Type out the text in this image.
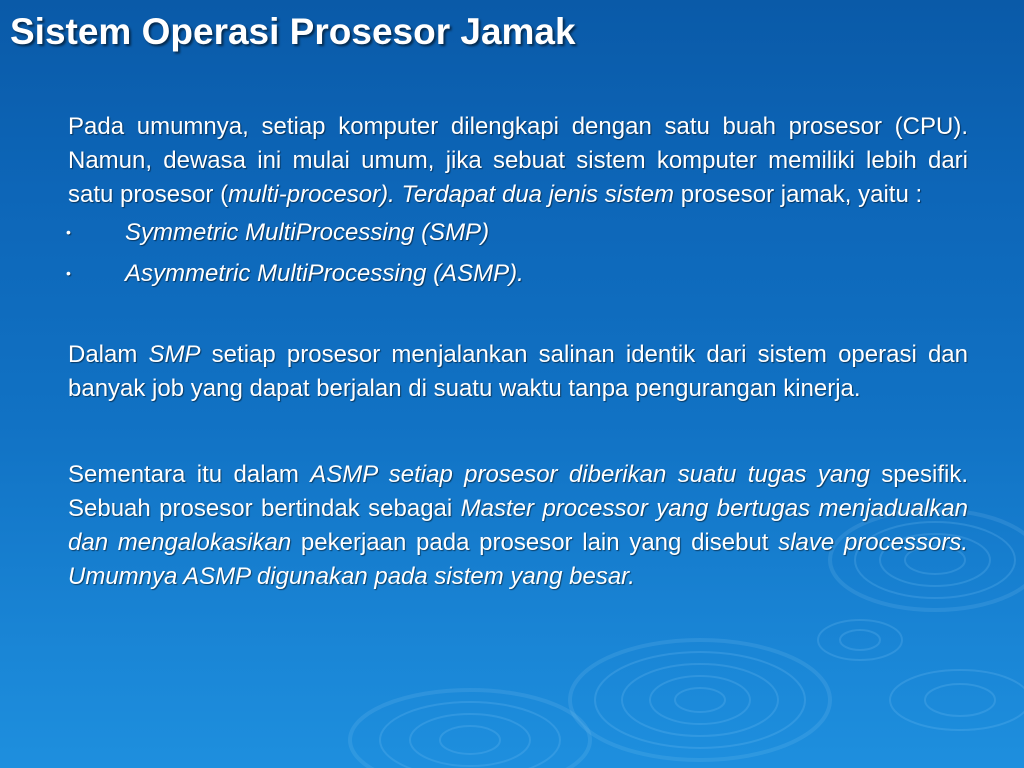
Sistem Operasi Prosesor Jamak

Pada umumnya, setiap komputer dilengkapi dengan satu buah prosesor (CPU). Namun, dewasa ini mulai umum, jika sebuat sistem komputer memiliki lebih dari satu prosesor (multi-procesor). Terdapat dua jenis sistem prosesor jamak, yaitu :

• Symmetric MultiProcessing (SMP)
• Asymmetric MultiProcessing (ASMP).

Dalam SMP setiap prosesor menjalankan salinan identik dari sistem operasi dan banyak job yang dapat berjalan di suatu waktu tanpa pengurangan kinerja.

Sementara itu dalam ASMP setiap prosesor diberikan suatu tugas yang spesifik. Sebuah prosesor bertindak sebagai Master processor yang bertugas menjadualkan dan mengalokasikan pekerjaan pada prosesor lain yang disebut slave processors. Umumnya ASMP digunakan pada sistem yang besar.
